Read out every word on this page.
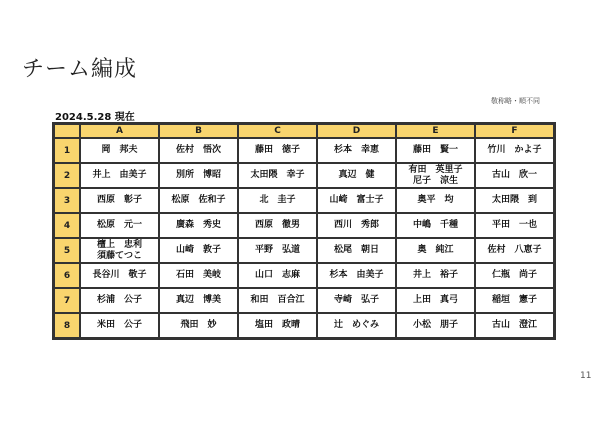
チーム編成
敬称略・順不同
2024.5.28 現在
	A	B	C	D	E	F
1	岡　邦夫	佐村　悟次	藤田　徳子	杉本　幸恵	藤田　賢一	竹川　かよ子

2	井上　由美子	別所　博昭	太田隈　幸子	真辺　健	有田　英里子
尼子　涼生	古山　欣一

3	西原　彰子	松原　佐和子	北　圭子	山崎　富士子	奥平　均	太田隈　到

4	松原　元一	廣森　秀史	西原　徹男	西川　秀郎	中嶋　千種	平田　一也

5	檀上　忠利
須藤てつこ	山崎　敦子	平野　弘道	松尾　朝日	奥　純江	佐村　八恵子

6	長谷川　敬子	石田　美岐	山口　志麻	杉本　由美子	井上　裕子	仁瓶　尚子

7	杉浦　公子	真辺　博美	和田　百合江	寺崎　弘子	上田　真弓	稲垣　憲子

8	米田　公子	飛田　妙	塩田　政晴	辻　めぐみ	小松　朋子	古山　澄江
11
